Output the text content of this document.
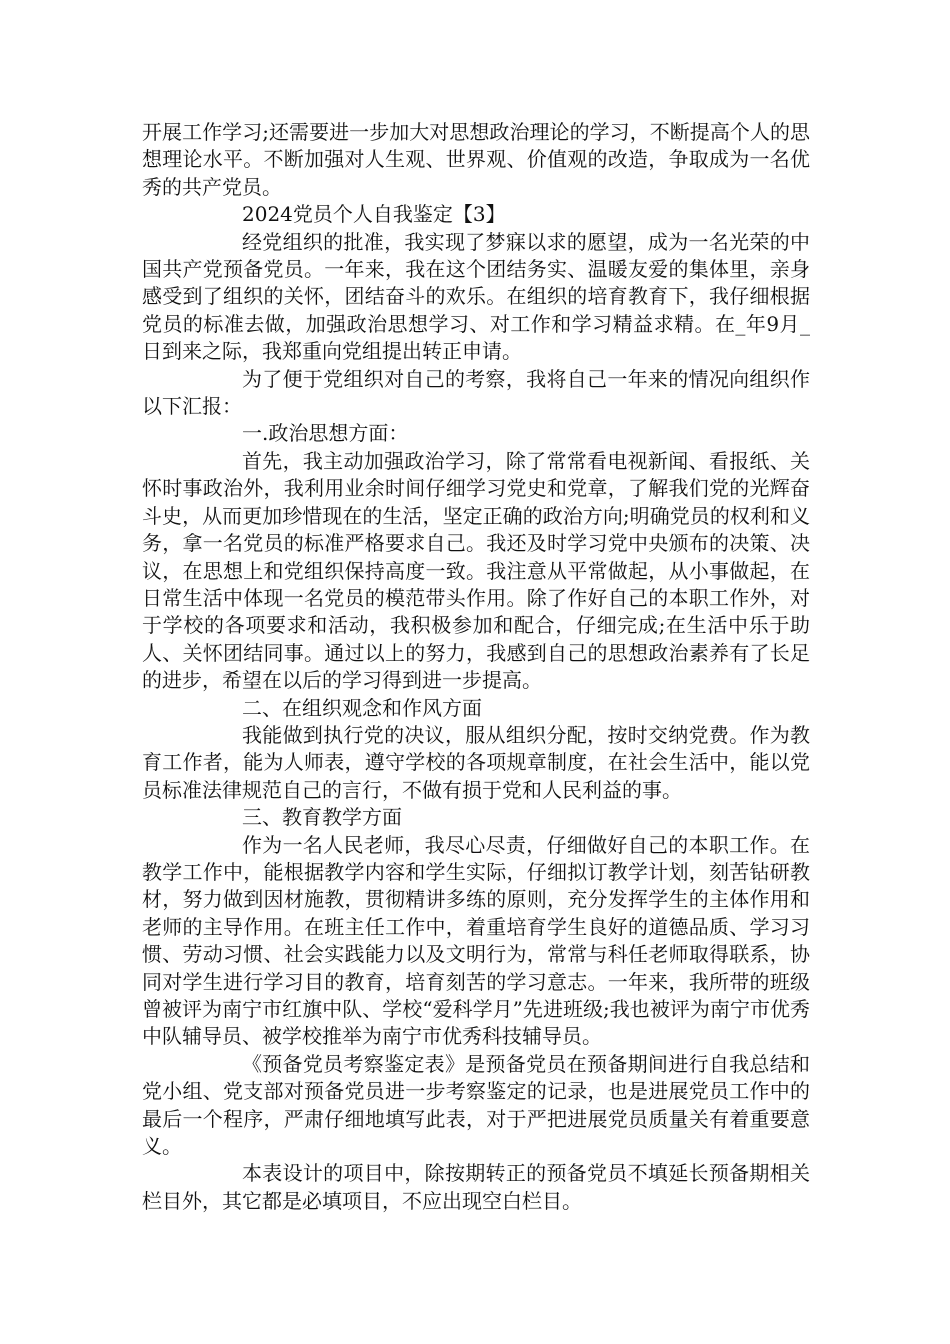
开展工作学习;还需要进一步加大对思想政治理论的学习，不断提高个人的思想理论水平。不断加强对人生观、世界观、价值观的改造，争取成为一名优秀的共产党员。

2024党员个人自我鉴定【3】

经党组织的批准，我实现了梦寐以求的愿望，成为一名光荣的中国共产党预备党员。一年来，我在这个团结务实、温暖友爱的集体里，亲身感受到了组织的关怀，团结奋斗的欢乐。在组织的培育教育下，我仔细根据党员的标准去做，加强政治思想学习、对工作和学习精益求精。在_年9月_日到来之际，我郑重向党组提出转正申请。

为了便于党组织对自己的考察，我将自己一年来的情况向组织作以下汇报：

一.政治思想方面：

首先，我主动加强政治学习，除了常常看电视新闻、看报纸、关怀时事政治外，我利用业余时间仔细学习党史和党章，了解我们党的光辉奋斗史，从而更加珍惜现在的生活，坚定正确的政治方向;明确党员的权利和义务，拿一名党员的标准严格要求自己。我还及时学习党中央颁布的决策、决议，在思想上和党组织保持高度一致。我注意从平常做起，从小事做起，在日常生活中体现一名党员的模范带头作用。除了作好自己的本职工作外，对于学校的各项要求和活动，我积极参加和配合，仔细完成;在生活中乐于助人、关怀团结同事。通过以上的努力，我感到自己的思想政治素养有了长足的进步，希望在以后的学习得到进一步提高。

二、在组织观念和作风方面

我能做到执行党的决议，服从组织分配，按时交纳党费。作为教育工作者，能为人师表，遵守学校的各项规章制度，在社会生活中，能以党员标准法律规范自己的言行，不做有损于党和人民利益的事。

三、教育教学方面

作为一名人民老师，我尽心尽责，仔细做好自己的本职工作。在教学工作中，能根据教学内容和学生实际，仔细拟订教学计划，刻苦钻研教材，努力做到因材施教，贯彻精讲多练的原则，充分发挥学生的主体作用和老师的主导作用。在班主任工作中，着重培育学生良好的道德品质、学习习惯、劳动习惯、社会实践能力以及文明行为，常常与科任老师取得联系，协同对学生进行学习目的教育，培育刻苦的学习意志。一年来，我所带的班级曾被评为南宁市红旗中队、学校“爱科学月”先进班级;我也被评为南宁市优秀中队辅导员、被学校推举为南宁市优秀科技辅导员。

《预备党员考察鉴定表》是预备党员在预备期间进行自我总结和党小组、党支部对预备党员进一步考察鉴定的记录，也是进展党员工作中的最后一个程序，严肃仔细地填写此表，对于严把进展党员质量关有着重要意义。

本表设计的项目中，除按期转正的预备党员不填延长预备期相关栏目外，其它都是必填项目，不应出现空白栏目。
